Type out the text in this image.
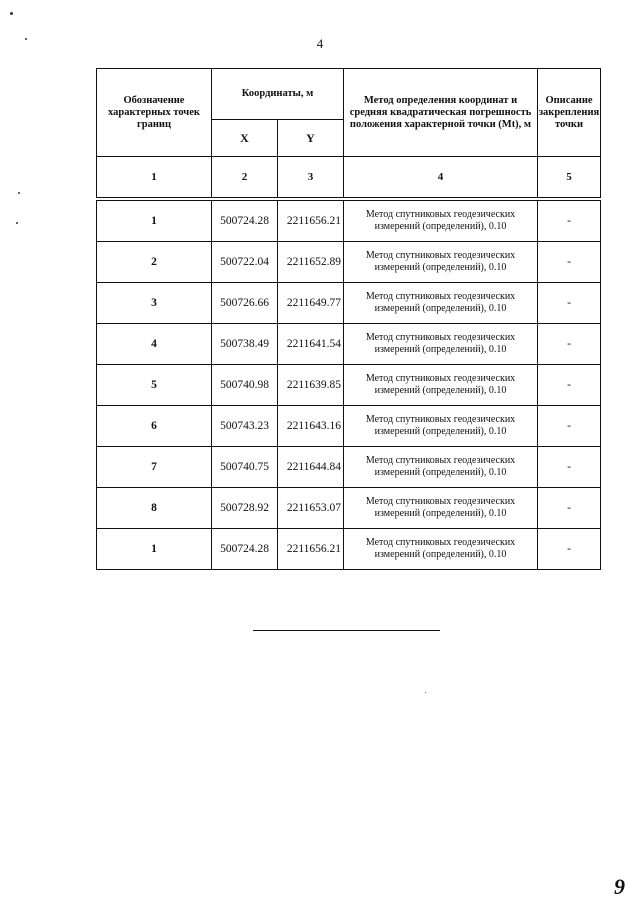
4
Обозначение характерных точек границ	Координаты, м		Метод определения координат и средняя квадратическая погрешность положения характерной точки (Mt), м	Описание закрепления точки
	X	Y		
1	2	3	4	5

1	500724.28	2211656.21	Метод спутниковых геодезических измерений (определений), 0.10	-
2	500722.04	2211652.89	Метод спутниковых геодезических измерений (определений), 0.10	-
3	500726.66	2211649.77	Метод спутниковых геодезических измерений (определений), 0.10	-
4	500738.49	2211641.54	Метод спутниковых геодезических измерений (определений), 0.10	-
5	500740.98	2211639.85	Метод спутниковых геодезических измерений (определений), 0.10	-
6	500743.23	2211643.16	Метод спутниковых геодезических измерений (определений), 0.10	-
7	500740.75	2211644.84	Метод спутниковых геодезических измерений (определений), 0.10	-
8	500728.92	2211653.07	Метод спутниковых геодезических измерений (определений), 0.10	-
1	500724.28	2211656.21	Метод спутниковых геодезических измерений (определений), 0.10	-
9
